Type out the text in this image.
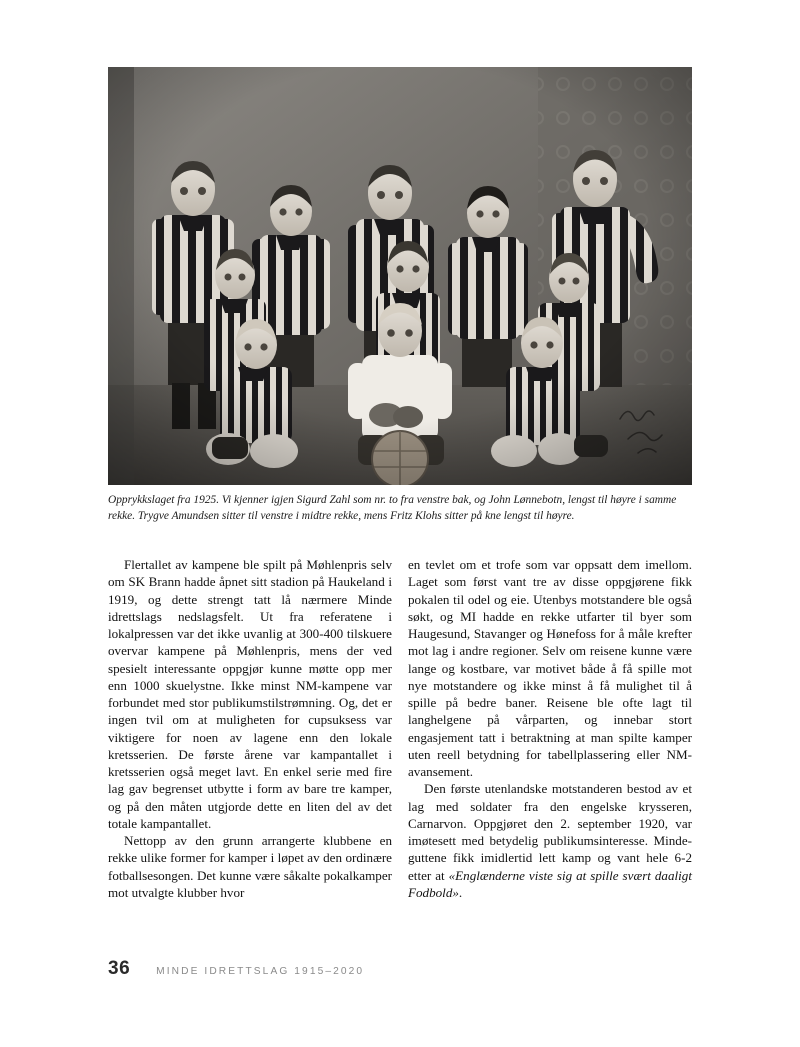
Opprykkslaget fra 1925. Vi kjenner igjen Sigurd Zahl som nr. to fra venstre bak, og John Lønnebotn, lengst til høyre i samme rekke. Trygve Amundsen sitter til venstre i midtre rekke, mens Fritz Klohs sitter på kne lengst til høyre.

Flertallet av kampene ble spilt på Møhlenpris selv om SK Brann hadde åpnet sitt stadion på Haukeland i 1919, og dette strengt tatt lå nærmere Minde idrettslags nedslagsfelt. Ut fra referatene i lokalpressen var det ikke uvanlig at 300-400 tilskuere overvar kampene på Møhlenpris, mens der ved spesielt interessante oppgjør kunne møtte opp mer enn 1000 skuelystne. Ikke minst NM-kampene var forbundet med stor publikumstilstrømning. Og, det er ingen tvil om at muligheten for cupsuksess var viktigere for noen av lagene enn den lokale kretsserien. De første årene var kampantallet i kretsserien også meget lavt. En enkel serie med fire lag gav begrenset utbytte i form av bare tre kamper, og på den måten utgjorde dette en liten del av det totale kampantallet.

Nettopp av den grunn arrangerte klubbene en rekke ulike former for kamper i løpet av den ordinære fotballsesongen. Det kunne være såkalte pokalkamper mot utvalgte klubber hvor

en tevlet om et trofe som var oppsatt dem imellom. Laget som først vant tre av disse oppgjørene fikk pokalen til odel og eie. Utenbys motstandere ble også søkt, og MI hadde en rekke utfarter til byer som Haugesund, Stavanger og Hønefoss for å måle krefter mot lag i andre regioner. Selv om reisene kunne være lange og kostbare, var motivet både å få spille mot nye motstandere og ikke minst å få mulighet til å spille på bedre baner. Reisene ble ofte lagt til langhelgene på vårparten, og innebar stort engasjement tatt i betraktning at man spilte kamper uten reell betydning for tabellplassering eller NM-avansement.

Den første utenlandske motstanderen bestod av et lag med soldater fra den engelske krysseren, Carnarvon. Oppgjøret den 2. september 1920, var imøtesett med betydelig publikumsinteresse. Minde-guttene fikk imidlertid lett kamp og vant hele 6-2 etter at «Englænderne viste sig at spille svært daaligt Fodbold».

36	MINDE IDRETTSLAG 1915–2020
